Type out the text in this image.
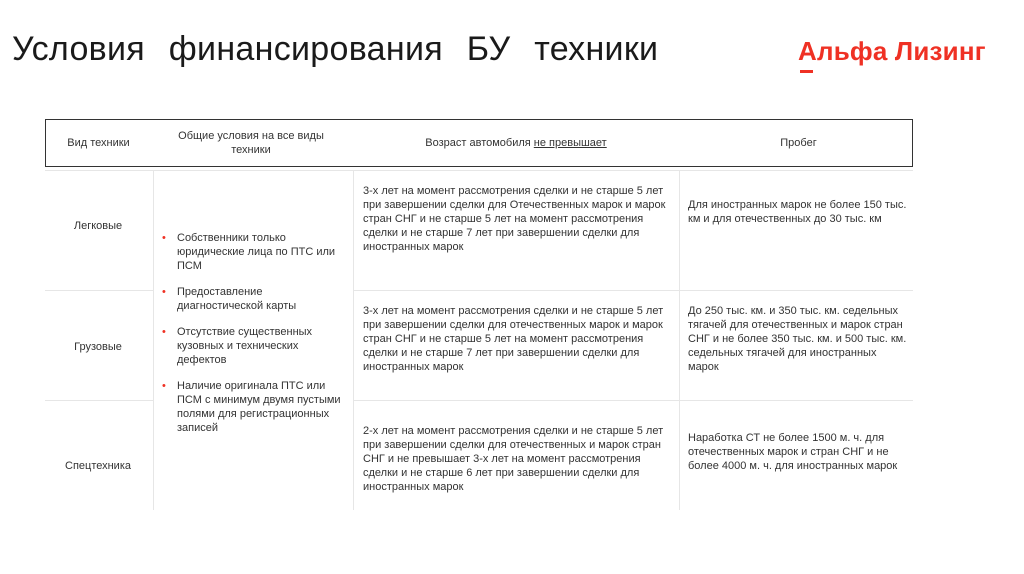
Условия финансирования БУ техники	Альфа Лизинг
Вид техники
Общие условия на все виды техники
Возраст автомобиля
не превышает	Пробег
Легковые
Грузовые
Спецтехника
• Собственники только юридические лица по ПТС или ПСМ
• Предоставление диагностической карты
• Отсутствие существенных кузовных и технических дефектов
• Наличие оригинала ПТС или ПСМ с минимум двумя пустыми полями для регистрационных записей
3-х лет на момент рассмотрения сделки и не старше 5 лет при завершении сделки для Отечественных марок и марок стран СНГ и не старше 5 лет на момент рассмотрения сделки и не старше 7 лет при завершении сделки для иностранных марок
3-х лет на момент рассмотрения сделки и не старше 5 лет при завершении сделки для отечественных марок и марок стран СНГ и не старше 5 лет на момент рассмотрения сделки и не старше 7 лет при завершении сделки для иностранных марок
2-х лет на момент рассмотрения сделки и не старше 5 лет при завершении сделки для отечественных и марок стран СНГ и не превышает 3-х лет на момент рассмотрения сделки и не старше 6 лет при завершении сделки для иностранных марок
Для иностранных марок не более 150 тыс. км и для отечественных до 30 тыс. км
До 250 тыс. км. и 350 тыс. км. седельных тягачей для отечественных и марок стран СНГ и не более 350 тыс. км. и 500 тыс. км. седельных тягачей для иностранных марок
Наработка СТ не более 1500 м. ч. для отечественных марок и стран СНГ и не более 4000 м. ч. для иностранных марок
